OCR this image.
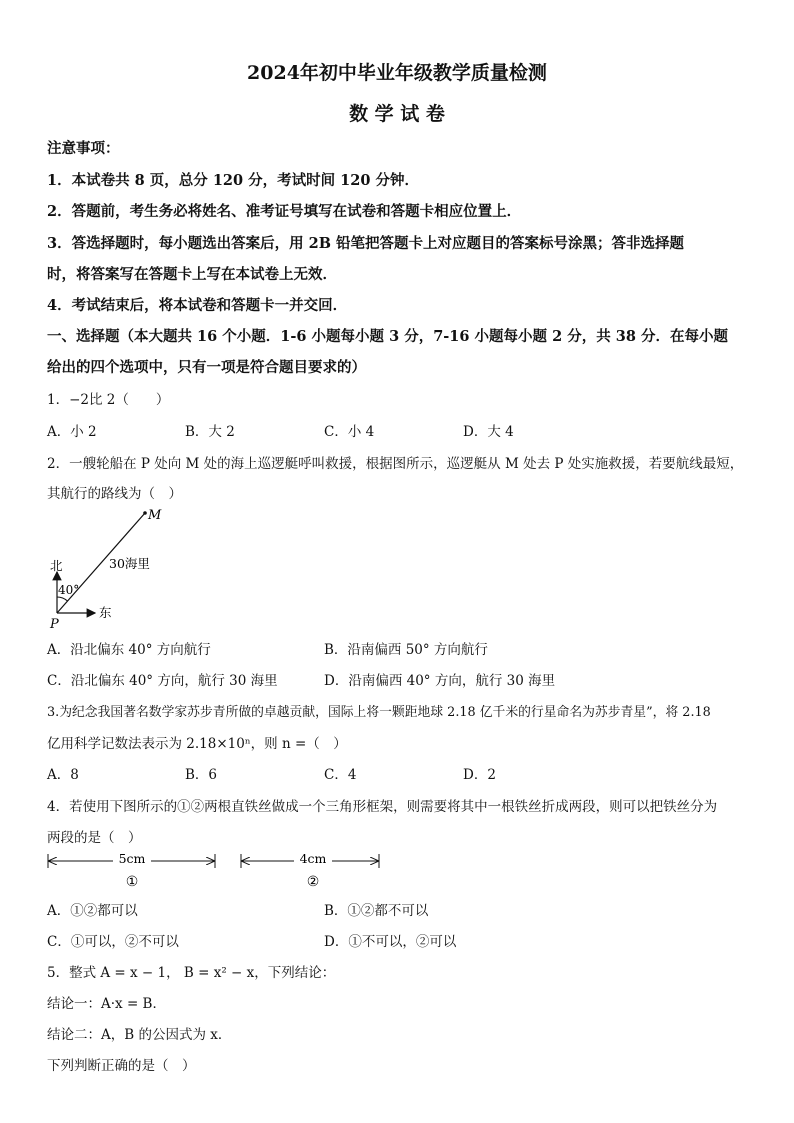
2024年初中毕业年级教学质量检测
数 学 试 卷
注意事项：
1．本试卷共 8 页，总分 120 分，考试时间 120 分钟．
2．答题前，考生务必将姓名、准考证号填写在试卷和答题卡相应位置上．
3．答选择题时，每小题选出答案后，用 2B 铅笔把答题卡上对应题目的答案标号涂黑；答非选择题
时，将答案写在答题卡上写在本试卷上无效．
4．考试结束后，将本试卷和答题卡一并交回．
一、选择题（本大题共 16 个小题．1-6 小题每小题 3 分，7-16 小题每小题 2 分，共 38 分．在每小题
给出的四个选项中，只有一项是符合题目要求的）
1．−2比 2（　　）
A．小 2	B．大 2	C．小 4	D．大 4
2．一艘轮船在 P 处向 M 处的海上巡逻艇呼叫救援，根据图所示，巡逻艇从 M 处去 P 处实施救援，若要航线最短，
其航行的路线为（　）
M
P
北
东
40°
30海里
A．沿北偏东 40° 方向航行	B．沿南偏西 50° 方向航行
C．沿北偏东 40° 方向，航行 30 海里	D．沿南偏西 40° 方向，航行 30 海里
3.为纪念我国著名数学家苏步青所做的卓越贡献，国际上将一颗距地球 2.18 亿千米的行星命名为苏步青星”，将 2.18
亿用科学记数法表示为 2.18×10ⁿ，则 n =（　）
A．8	B．6	C．4	D．2
4．若使用下图所示的①②两根直铁丝做成一个三角形框架，则需要将其中一根铁丝折成两段，则可以把铁丝分为
两段的是（　）
5cm
①
4cm
②
A．①②都可以	B．①②都不可以
C．①可以，②不可以	D．①不可以，②可以
5．整式 A = x − 1， B = x² − x，下列结论：
结论一：A·x = B．
结论二：A，B 的公因式为 x．
下列判断正确的是（　）
